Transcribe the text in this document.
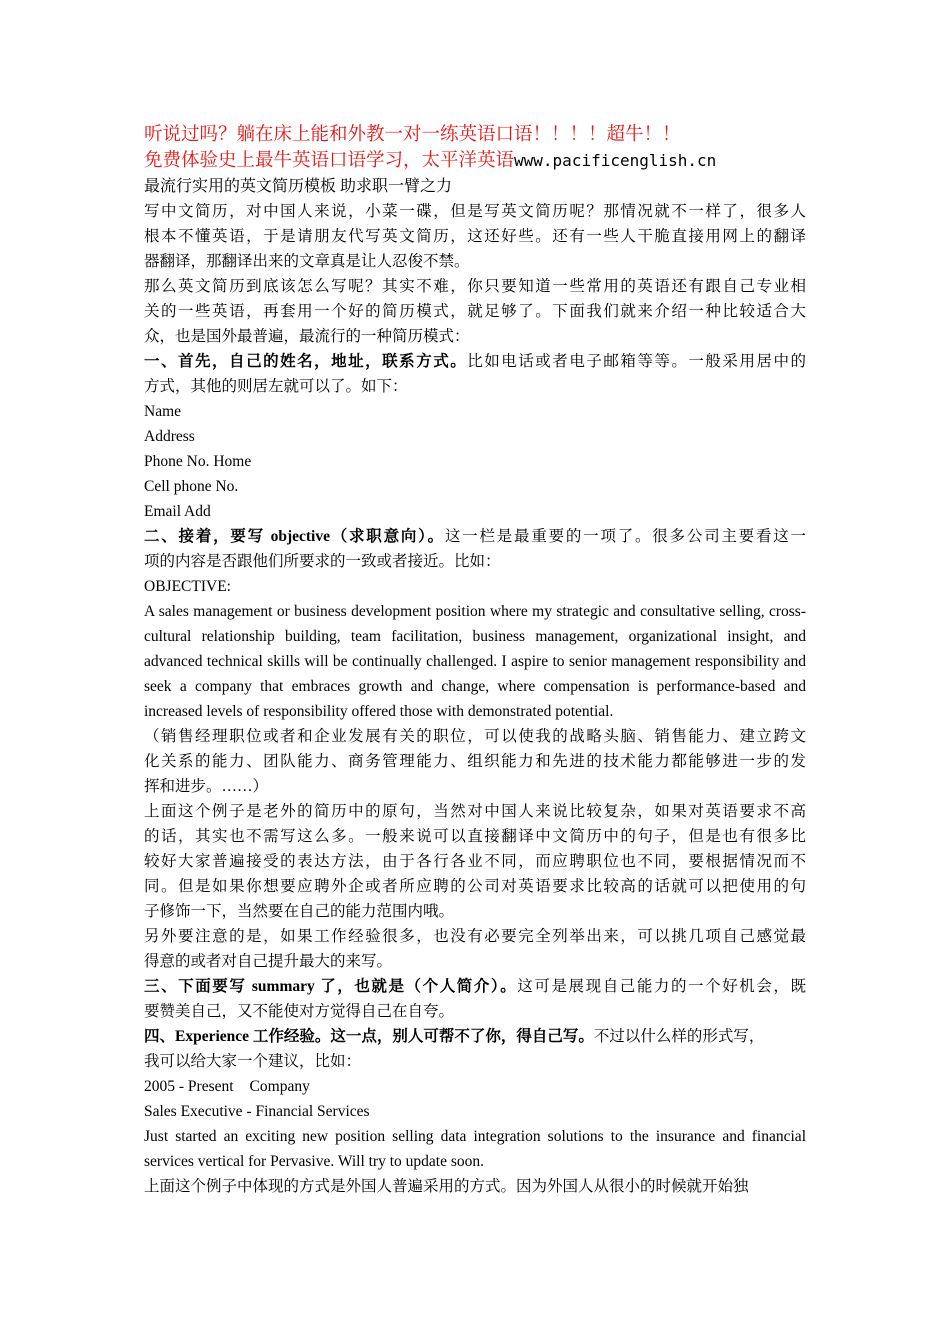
听说过吗？躺在床上能和外教一对一练英语口语！！！！超牛！！
免费体验史上最牛英语口语学习，太平洋英语www.pacificenglish.cn
最流行实用的英文简历模板 助求职一臂之力

写中文简历，对中国人来说，小菜一碟，但是写英文简历呢？那情况就不一样了，很多人
根本不懂英语，于是请朋友代写英文简历，这还好些。还有一些人干脆直接用网上的翻译
器翻译，那翻译出来的文章真是让人忍俊不禁。

那么英文简历到底该怎么写呢？其实不难，你只要知道一些常用的英语还有跟自己专业相
关的一些英语，再套用一个好的简历模式，就足够了。下面我们就来介绍一种比较适合大
众，也是国外最普遍，最流行的一种简历模式：

一、首先，自己的姓名，地址，联系方式。比如电话或者电子邮箱等等。一般采用居中的
方式，其他的则居左就可以了。如下：

Name

Address

Phone No. Home

Cell phone No.

Email Add

二、接着，要写 objective（求职意向）。这一栏是最重要的一项了。很多公司主要看这一
项的内容是否跟他们所要求的一致或者接近。比如：

OBJECTIVE:

A sales management or business development position where my strategic and consultative selling, cross-cultural relationship building, team facilitation, business management, organizational insight, and advanced technical skills will be continually challenged. I aspire to senior management responsibility and seek a company that embraces growth and change, where compensation is performance-based and increased levels of responsibility offered those with demonstrated potential.

（销售经理职位或者和企业发展有关的职位，可以使我的战略头脑、销售能力、建立跨文
化关系的能力、团队能力、商务管理能力、组织能力和先进的技术能力都能够进一步的发
挥和进步。……）

上面这个例子是老外的简历中的原句，当然对中国人来说比较复杂，如果对英语要求不高
的话，其实也不需写这么多。一般来说可以直接翻译中文简历中的句子，但是也有很多比
较好大家普遍接受的表达方法，由于各行各业不同，而应聘职位也不同，要根据情况而不
同。但是如果你想要应聘外企或者所应聘的公司对英语要求比较高的话就可以把使用的句
子修饰一下，当然要在自己的能力范围内哦。

另外要注意的是，如果工作经验很多，也没有必要完全列举出来，可以挑几项自己感觉最
得意的或者对自己提升最大的来写。

三、下面要写 summary 了，也就是（个人简介）。这可是展现自己能力的一个好机会，既
要赞美自己，又不能使对方觉得自己在自夸。

四、Experience 工作经验。这一点，别人可帮不了你，得自己写。不过以什么样的形式写，
我可以给大家一个建议，比如：

2005 - Present Company

Sales Executive - Financial Services

Just started an exciting new position selling data integration solutions to the insurance and financial services vertical for Pervasive. Will try to update soon.

上面这个例子中体现的方式是外国人普遍采用的方式。因为外国人从很小的时候就开始独
